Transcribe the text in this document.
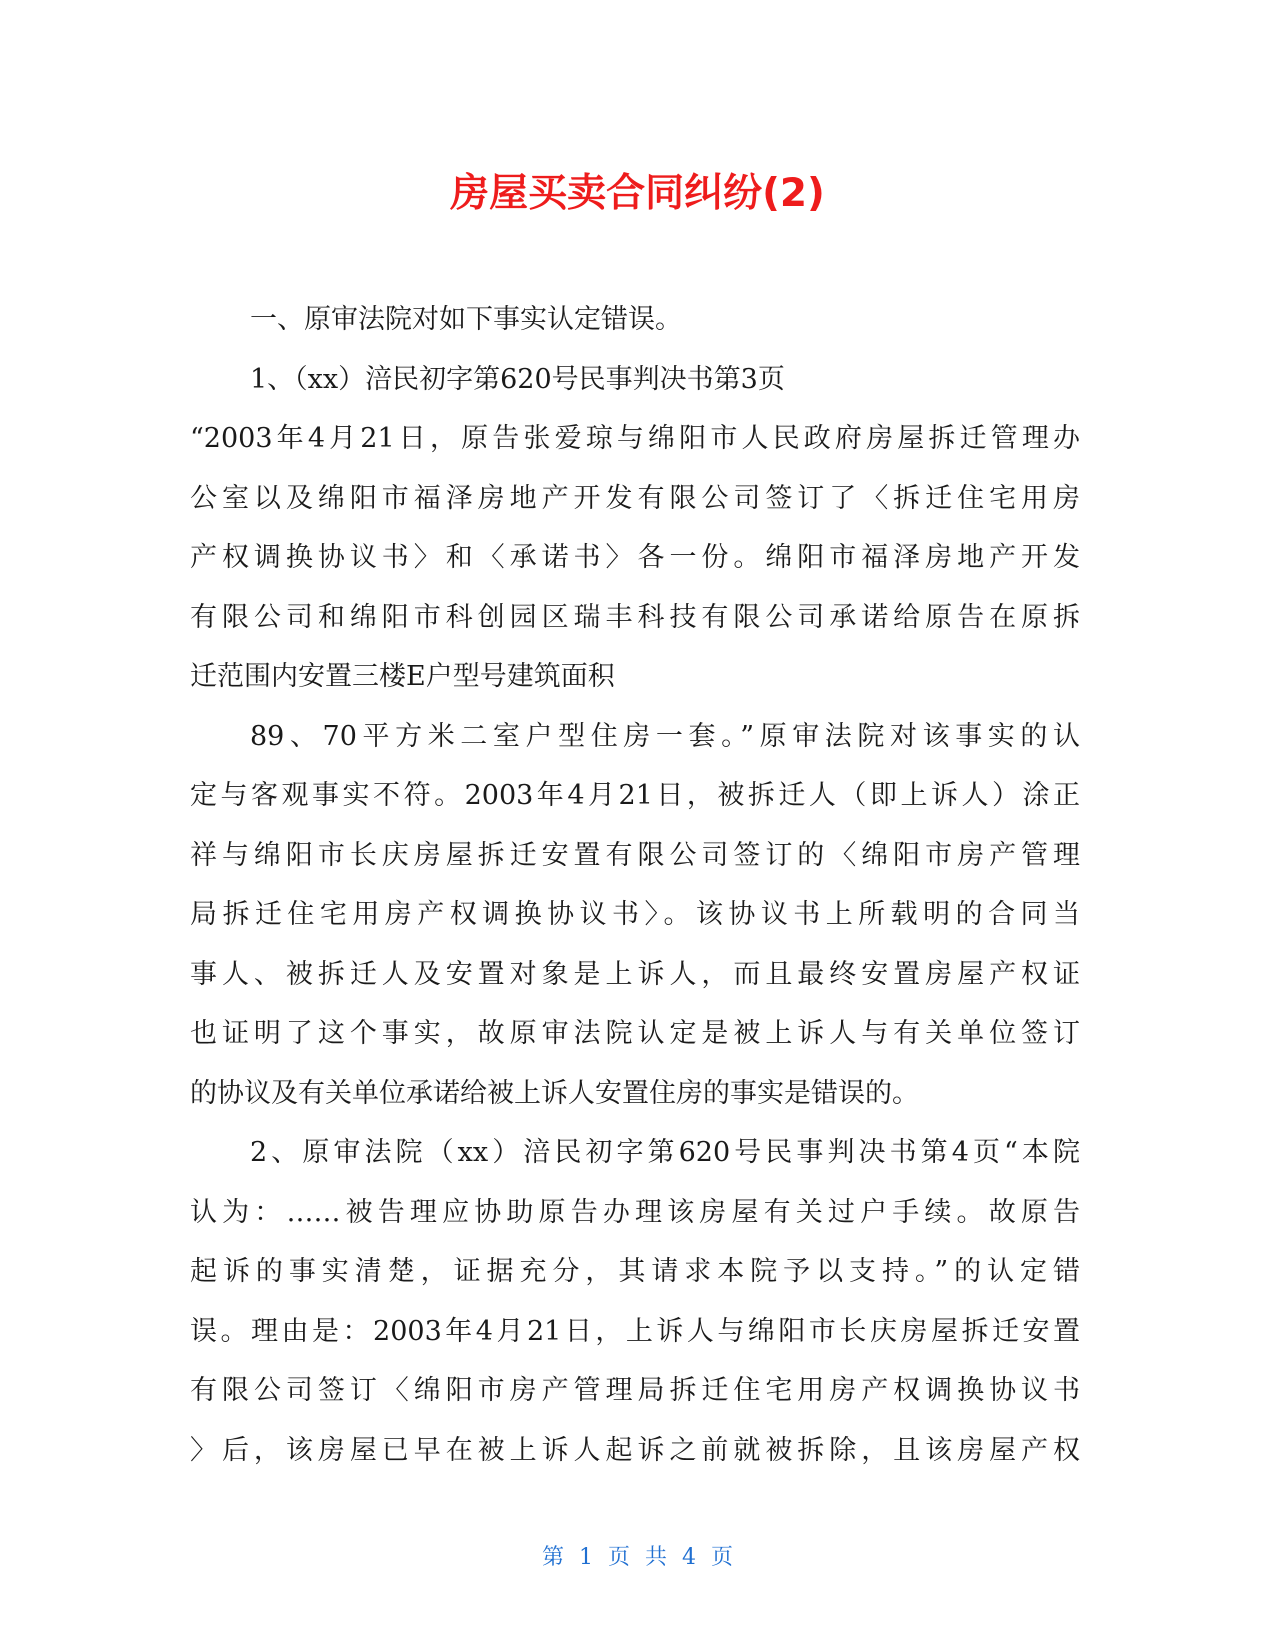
房屋买卖合同纠纷(2)
一、原审法院对如下事实认定错误。
1、（xx）涪民初字第620号民事判决书第3页
“2003年4月21日，原告张爱琼与绵阳市人民政府房屋拆迁管理办
公室以及绵阳市福泽房地产开发有限公司签订了〈拆迁住宅用房
产权调换协议书〉和〈承诺书〉各一份。绵阳市福泽房地产开发
有限公司和绵阳市科创园区瑞丰科技有限公司承诺给原告在原拆
迁范围内安置三楼E户型号建筑面积
89、70平方米二室户型住房一套。”原审法院对该事实的认
定与客观事实不符。2003年4月21日，被拆迁人（即上诉人）涂正
祥与绵阳市长庆房屋拆迁安置有限公司签订的〈绵阳市房产管理
局拆迁住宅用房产权调换协议书〉。该协议书上所载明的合同当
事人、被拆迁人及安置对象是上诉人，而且最终安置房屋产权证
也证明了这个事实，故原审法院认定是被上诉人与有关单位签订
的协议及有关单位承诺给被上诉人安置住房的事实是错误的。
2、原审法院（xx）涪民初字第620号民事判决书第4页“本院
认为：……被告理应协助原告办理该房屋有关过户手续。故原告
起诉的事实清楚，证据充分，其请求本院予以支持。”的认定错
误。理由是：2003年4月21日，上诉人与绵阳市长庆房屋拆迁安置
有限公司签订〈绵阳市房产管理局拆迁住宅用房产权调换协议书
〉后，该房屋已早在被上诉人起诉之前就被拆除，且该房屋产权
第 1 页 共 4 页
